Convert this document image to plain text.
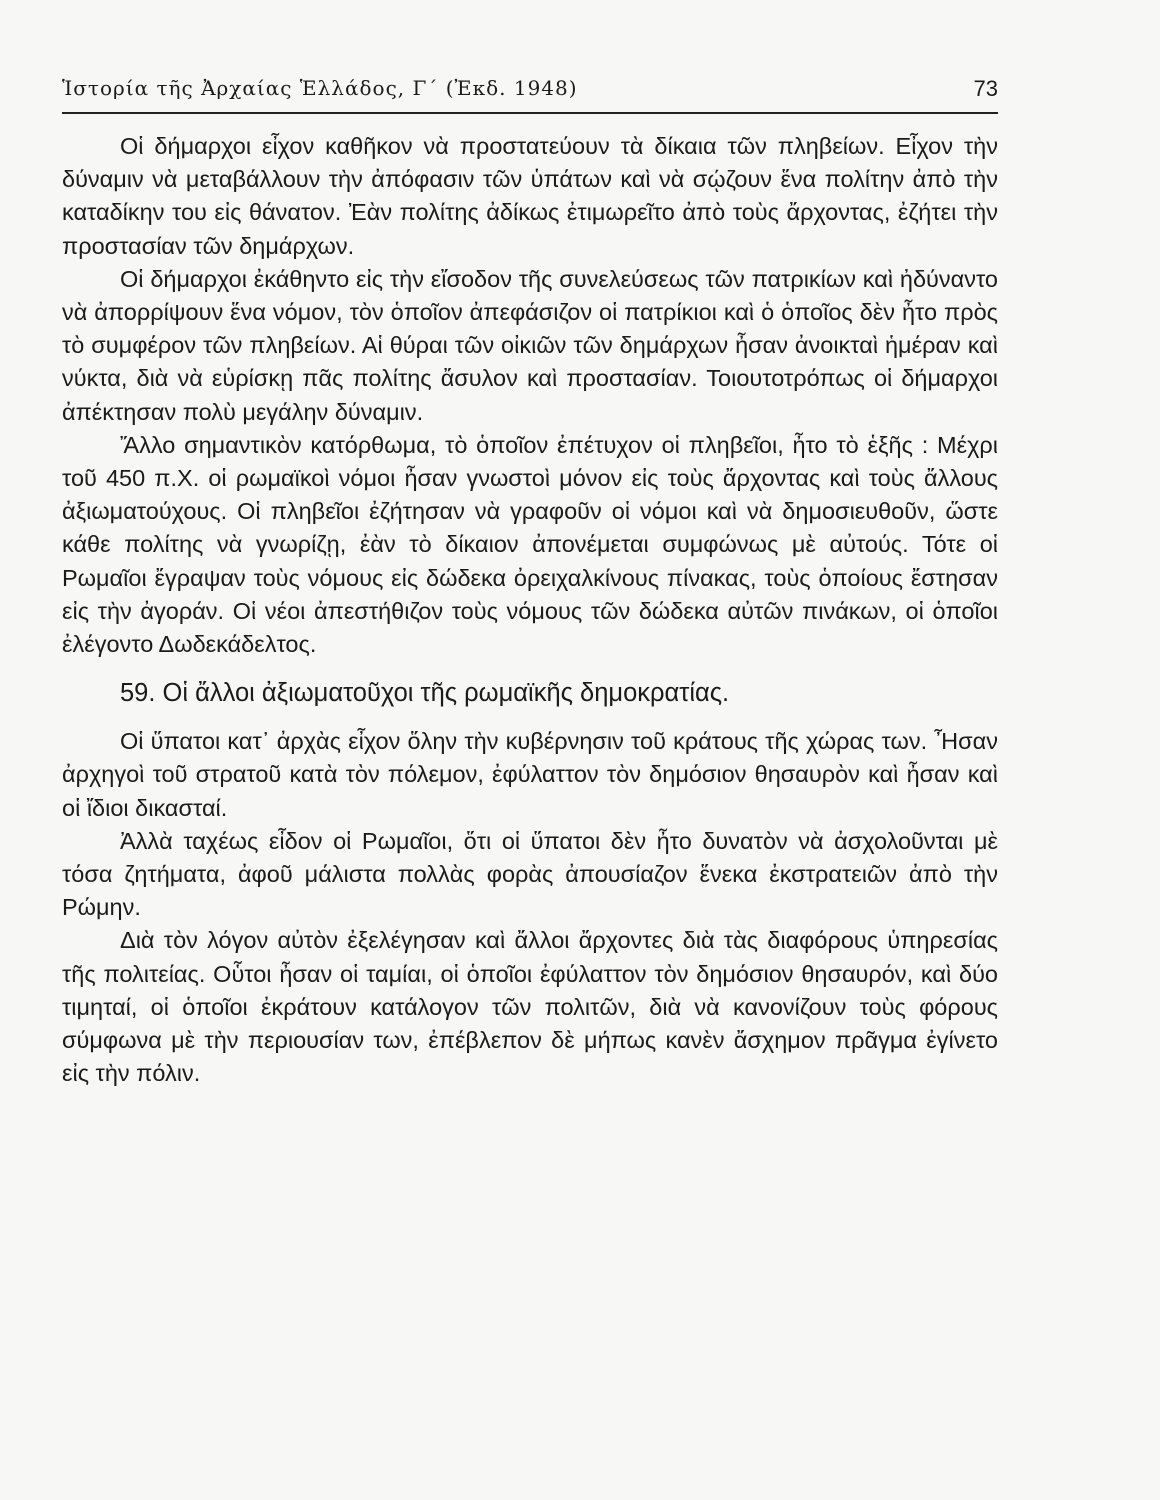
Ἱστορία τῆς Ἀρχαίας Ἑλλάδος, Γ΄ (Ἐκδ. 1948)	73

Οἱ δήμαρχοι εἶχον καθῆκον νὰ προστατεύουν τὰ δίκαια τῶν πληβείων. Εἶχον τὴν δύναμιν νὰ μεταβάλλουν τὴν ἀπόφασιν τῶν ὑπάτων καὶ νὰ σῴζουν ἕνα πολίτην ἀπὸ τὴν καταδίκην του εἰς θάνατον. Ἐὰν πολίτης ἀδίκως ἐτιμωρεῖτο ἀπὸ τοὺς ἄρχοντας, ἐζήτει τὴν προστασίαν τῶν δημάρχων.

Οἱ δήμαρχοι ἐκάθηντο εἰς τὴν εἴσοδον τῆς συνελεύσεως τῶν πατρικίων καὶ ἠδύναντο νὰ ἀπορρίψουν ἕνα νόμον, τὸν ὁποῖον ἀπεφάσιζον οἱ πατρίκιοι καὶ ὁ ὁποῖος δὲν ἦτο πρὸς τὸ συμφέρον τῶν πληβείων. Αἱ θύραι τῶν οἰκιῶν τῶν δημάρχων ἦσαν ἀνοικταὶ ἡμέραν καὶ νύκτα, διὰ νὰ εὑρίσκῃ πᾶς πολίτης ἄσυλον καὶ προστασίαν. Τοιουτοτρόπως οἱ δήμαρχοι ἀπέκτησαν πολὺ μεγάλην δύναμιν.

Ἄλλο σημαντικὸν κατόρθωμα, τὸ ὁποῖον ἐπέτυχον οἱ πληβεῖοι, ἦτο τὸ ἑξῆς : Μέχρι τοῦ 450 π.Χ. οἱ ρωμαϊκοὶ νόμοι ἦσαν γνωστοὶ μόνον εἰς τοὺς ἄρχοντας καὶ τοὺς ἄλλους ἀξιωματούχους. Οἱ πληβεῖοι ἐζήτησαν νὰ γραφοῦν οἱ νόμοι καὶ νὰ δημοσιευθοῦν, ὥστε κάθε πολίτης νὰ γνωρίζῃ, ἐὰν τὸ δίκαιον ἀπονέμεται συμφώνως μὲ αὐτούς. Τότε οἱ Ρωμαῖοι ἔγραψαν τοὺς νόμους εἰς δώδεκα ὀρειχαλκίνους πίνακας, τοὺς ὁποίους ἔστησαν εἰς τὴν ἀγοράν. Οἱ νέοι ἀπεστήθιζον τοὺς νόμους τῶν δώδεκα αὐτῶν πινάκων, οἱ ὁποῖοι ἐλέγοντο Δωδεκάδελτος.

59. Οἱ ἄλλοι ἀξιωματοῦχοι τῆς ρωμαϊκῆς δημοκρατίας.

Οἱ ὕπατοι κατ᾽ ἀρχὰς εἶχον ὅλην τὴν κυβέρνησιν τοῦ κράτους τῆς χώρας των. Ἦσαν ἀρχηγοὶ τοῦ στρατοῦ κατὰ τὸν πόλεμον, ἐφύλαττον τὸν δημόσιον θησαυρὸν καὶ ἦσαν καὶ οἱ ἴδιοι δικασταί.

Ἀλλὰ ταχέως εἶδον οἱ Ρωμαῖοι, ὅτι οἱ ὕπατοι δὲν ἦτο δυνατὸν νὰ ἀσχολοῦνται μὲ τόσα ζητήματα, ἀφοῦ μάλιστα πολλὰς φορὰς ἀπουσίαζον ἕνεκα ἐκστρατειῶν ἀπὸ τὴν Ρώμην.

Διὰ τὸν λόγον αὐτὸν ἐξελέγησαν καὶ ἄλλοι ἄρχοντες διὰ τὰς διαφόρους ὑπηρεσίας τῆς πολιτείας. Οὗτοι ἦσαν οἱ ταμίαι, οἱ ὁποῖοι ἐφύλαττον τὸν δημόσιον θησαυρόν, καὶ δύο τιμηταί, οἱ ὁποῖοι ἐκράτουν κατάλογον τῶν πολιτῶν, διὰ νὰ κανονίζουν τοὺς φόρους σύμφωνα μὲ τὴν περιουσίαν των, ἐπέβλεπον δὲ μήπως κανὲν ἄσχημον πρᾶγμα ἐγίνετο εἰς τὴν πόλιν.
